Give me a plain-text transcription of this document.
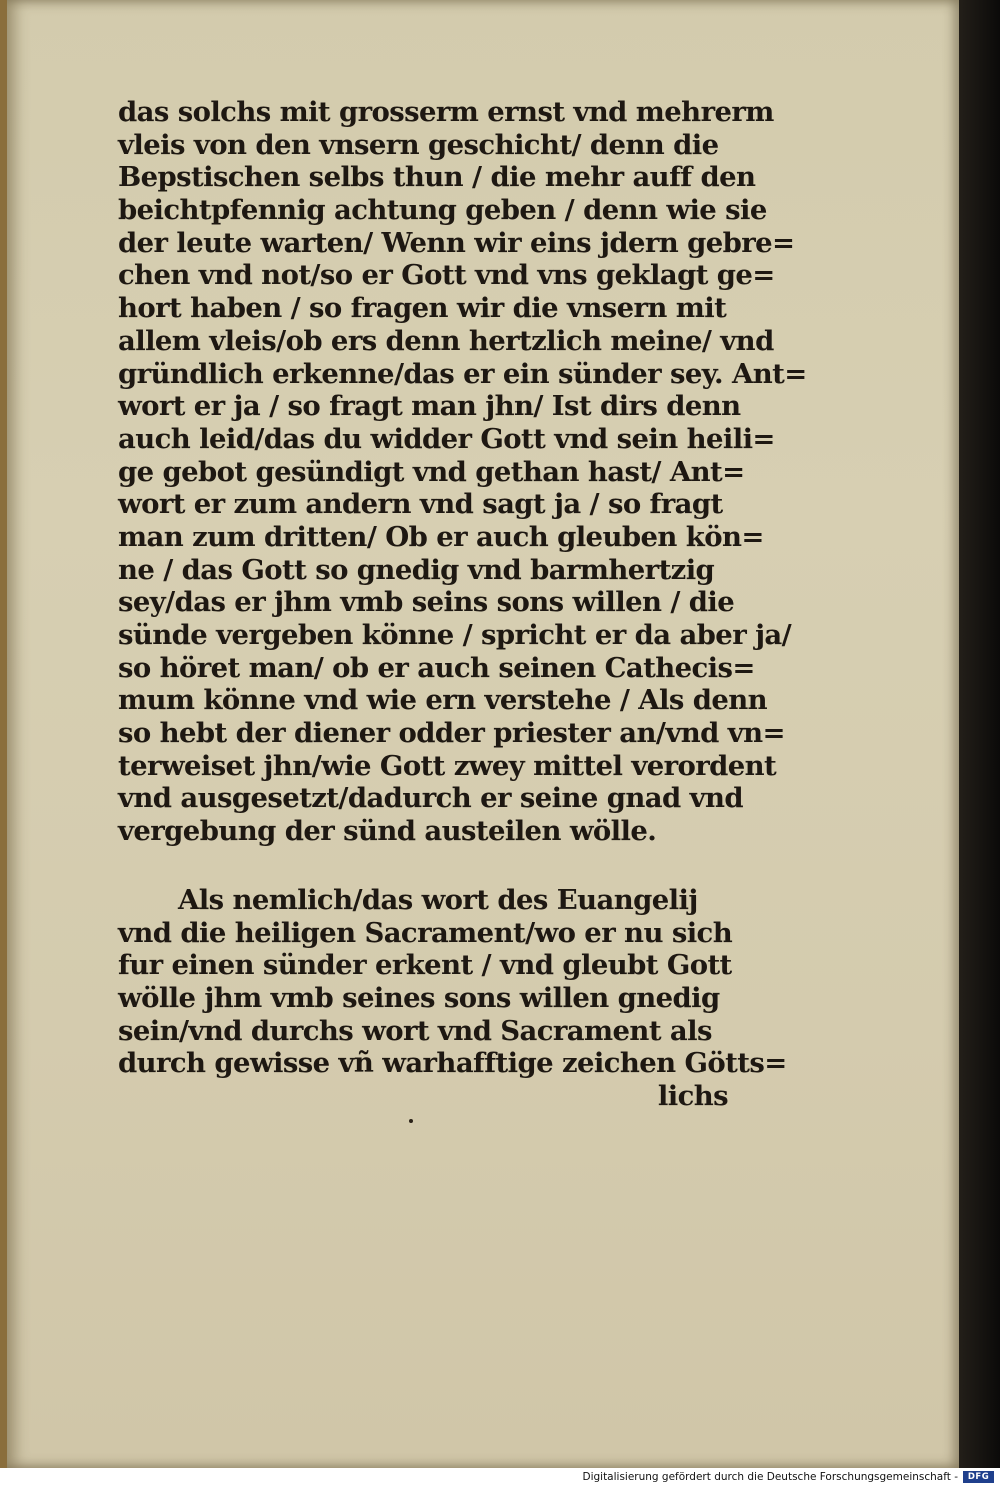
das solchs mit grosserm ernst vnd mehrerm
vleis von den vnsern geschicht/ denn die
Bepstischen selbs thun / die mehr auff den
beichtpfennig achtung geben / denn wie sie
der leute warten/ Wenn wir eins jdern gebre=
chen vnd not/so er Gott vnd vns geklagt ge=
hort haben / so fragen wir die vnsern mit
allem vleis/ob ers denn hertzlich meine/ vnd
gründlich erkenne/das er ein sünder sey. Ant=
wort er ja / so fragt man jhn/ Ist dirs denn
auch leid/das du widder Gott vnd sein heili=
ge gebot gesündigt vnd gethan hast/ Ant=
wort er zum andern vnd sagt ja / so fragt
man zum dritten/ Ob er auch gleuben kön=
ne / das Gott so gnedig vnd barmhertzig
sey/das er jhm vmb seins sons willen / die
sünde vergeben könne / spricht er da aber ja/
so höret man/ ob er auch seinen Cathecis=
mum könne vnd wie ern verstehe / Als denn
so hebt der diener odder priester an/vnd vn=
terweiset jhn/wie Gott zwey mittel verordent
vnd ausgesetzt/dadurch er seine gnad vnd
vergebung der sünd austeilen wölle.
Als nemlich/das wort des Euangelij
vnd die heiligen Sacrament/wo er nu sich
fur einen sünder erkent / vnd gleubt Gott
wölle jhm vmb seines sons willen gnedig
sein/vnd durchs wort vnd Sacrament als
durch gewisse vñ warhafftige zeichen Götts=
lichs
Digitalisierung gefördert durch die Deutsche Forschungsgemeinschaft -	DFG
